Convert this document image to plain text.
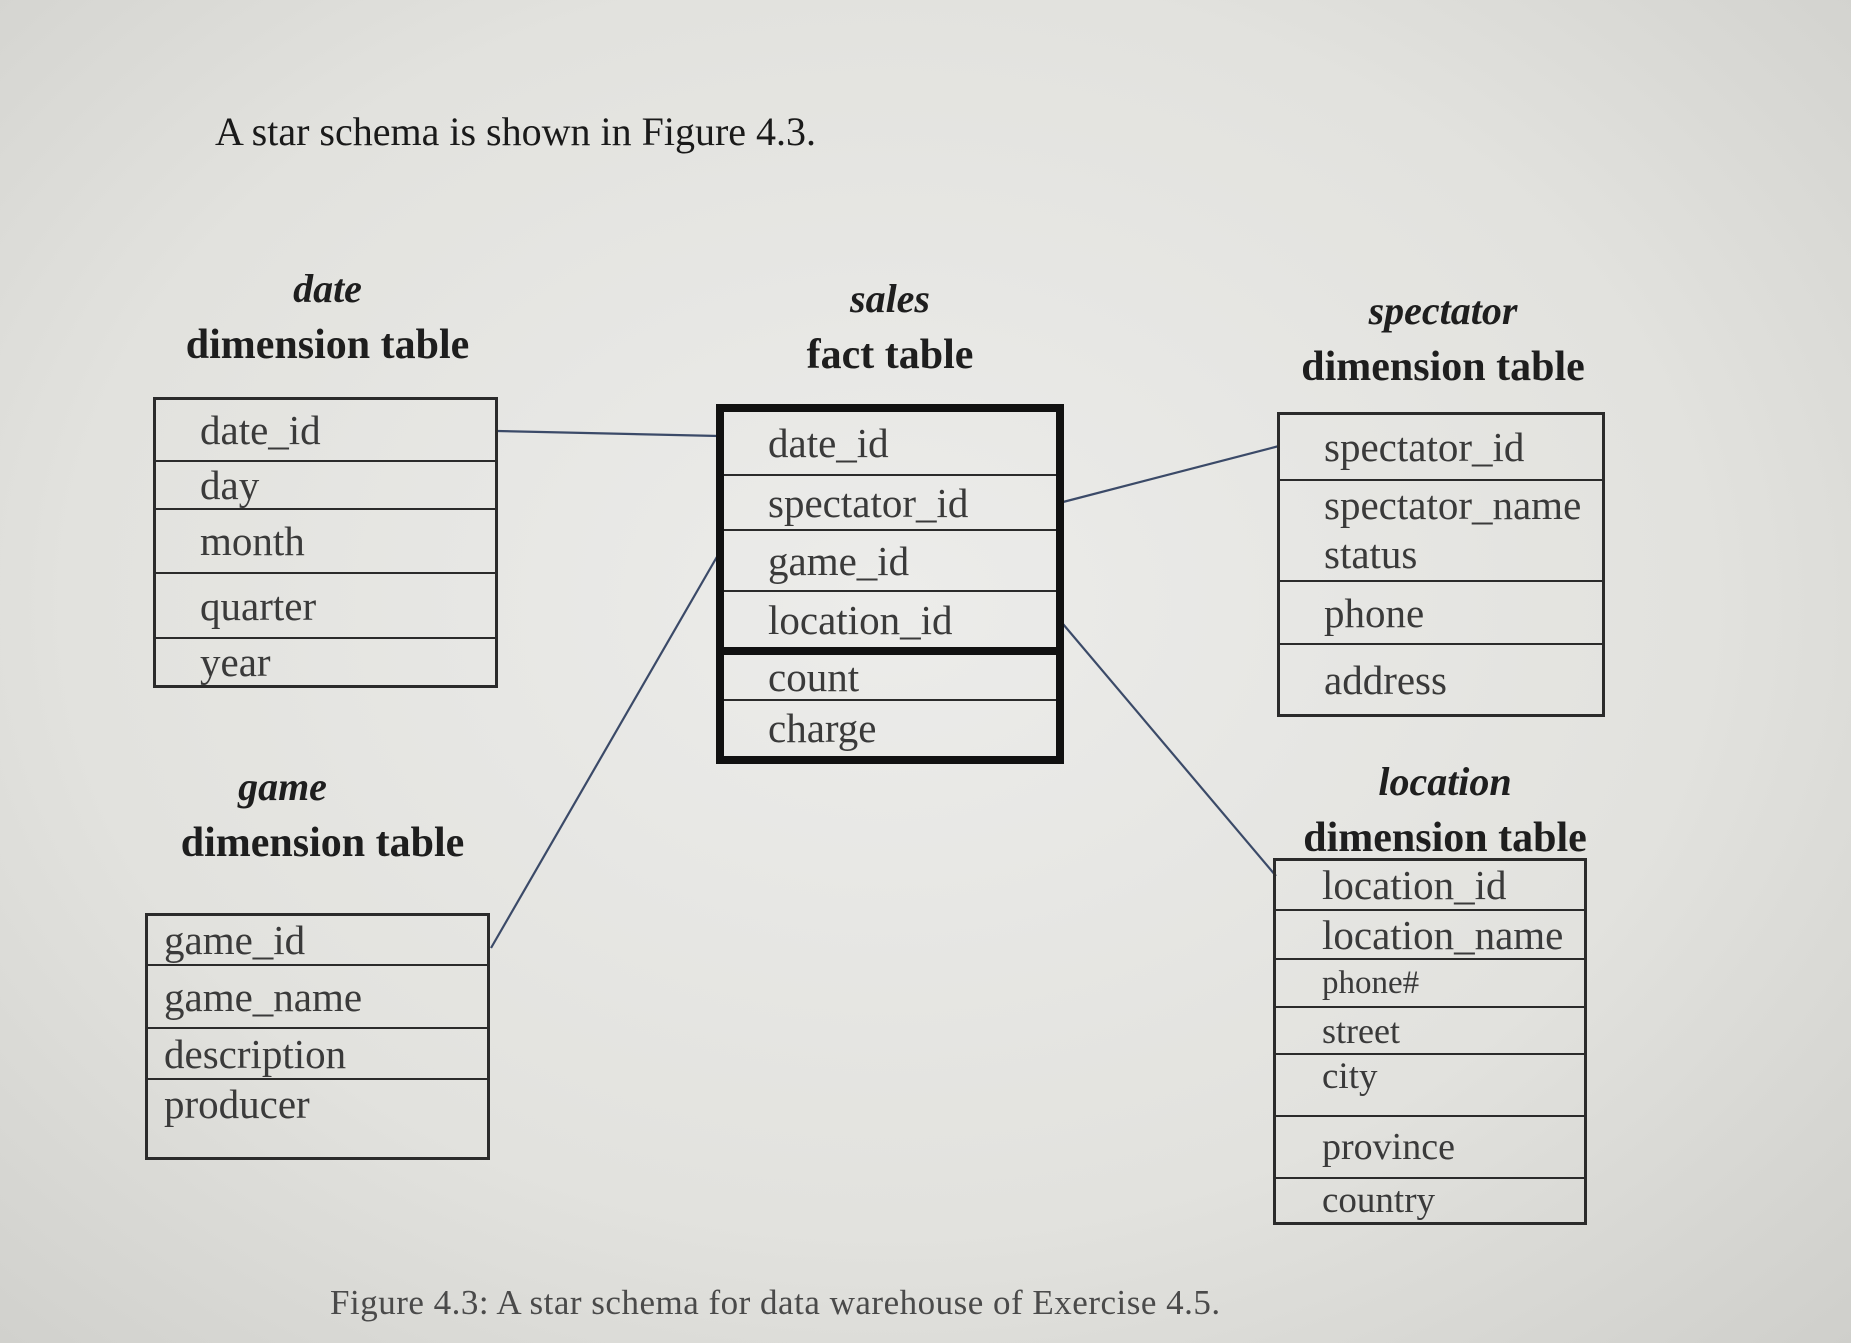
A star schema is shown in Figure 4.3.
date
dimension table
date_id
day
month
quarter
year
sales
fact table
date_id
spectator_id
game_id
location_id
count
charge
spectator
dimension table
spectator_id
spectator_name
status
phone
address
game
dimension table
game_id
game_name
description
producer
location
dimension table
location_id
location_name
phone#
street
city
province
country
Figure 4.3: A star schema for data warehouse of Exercise 4.5.
